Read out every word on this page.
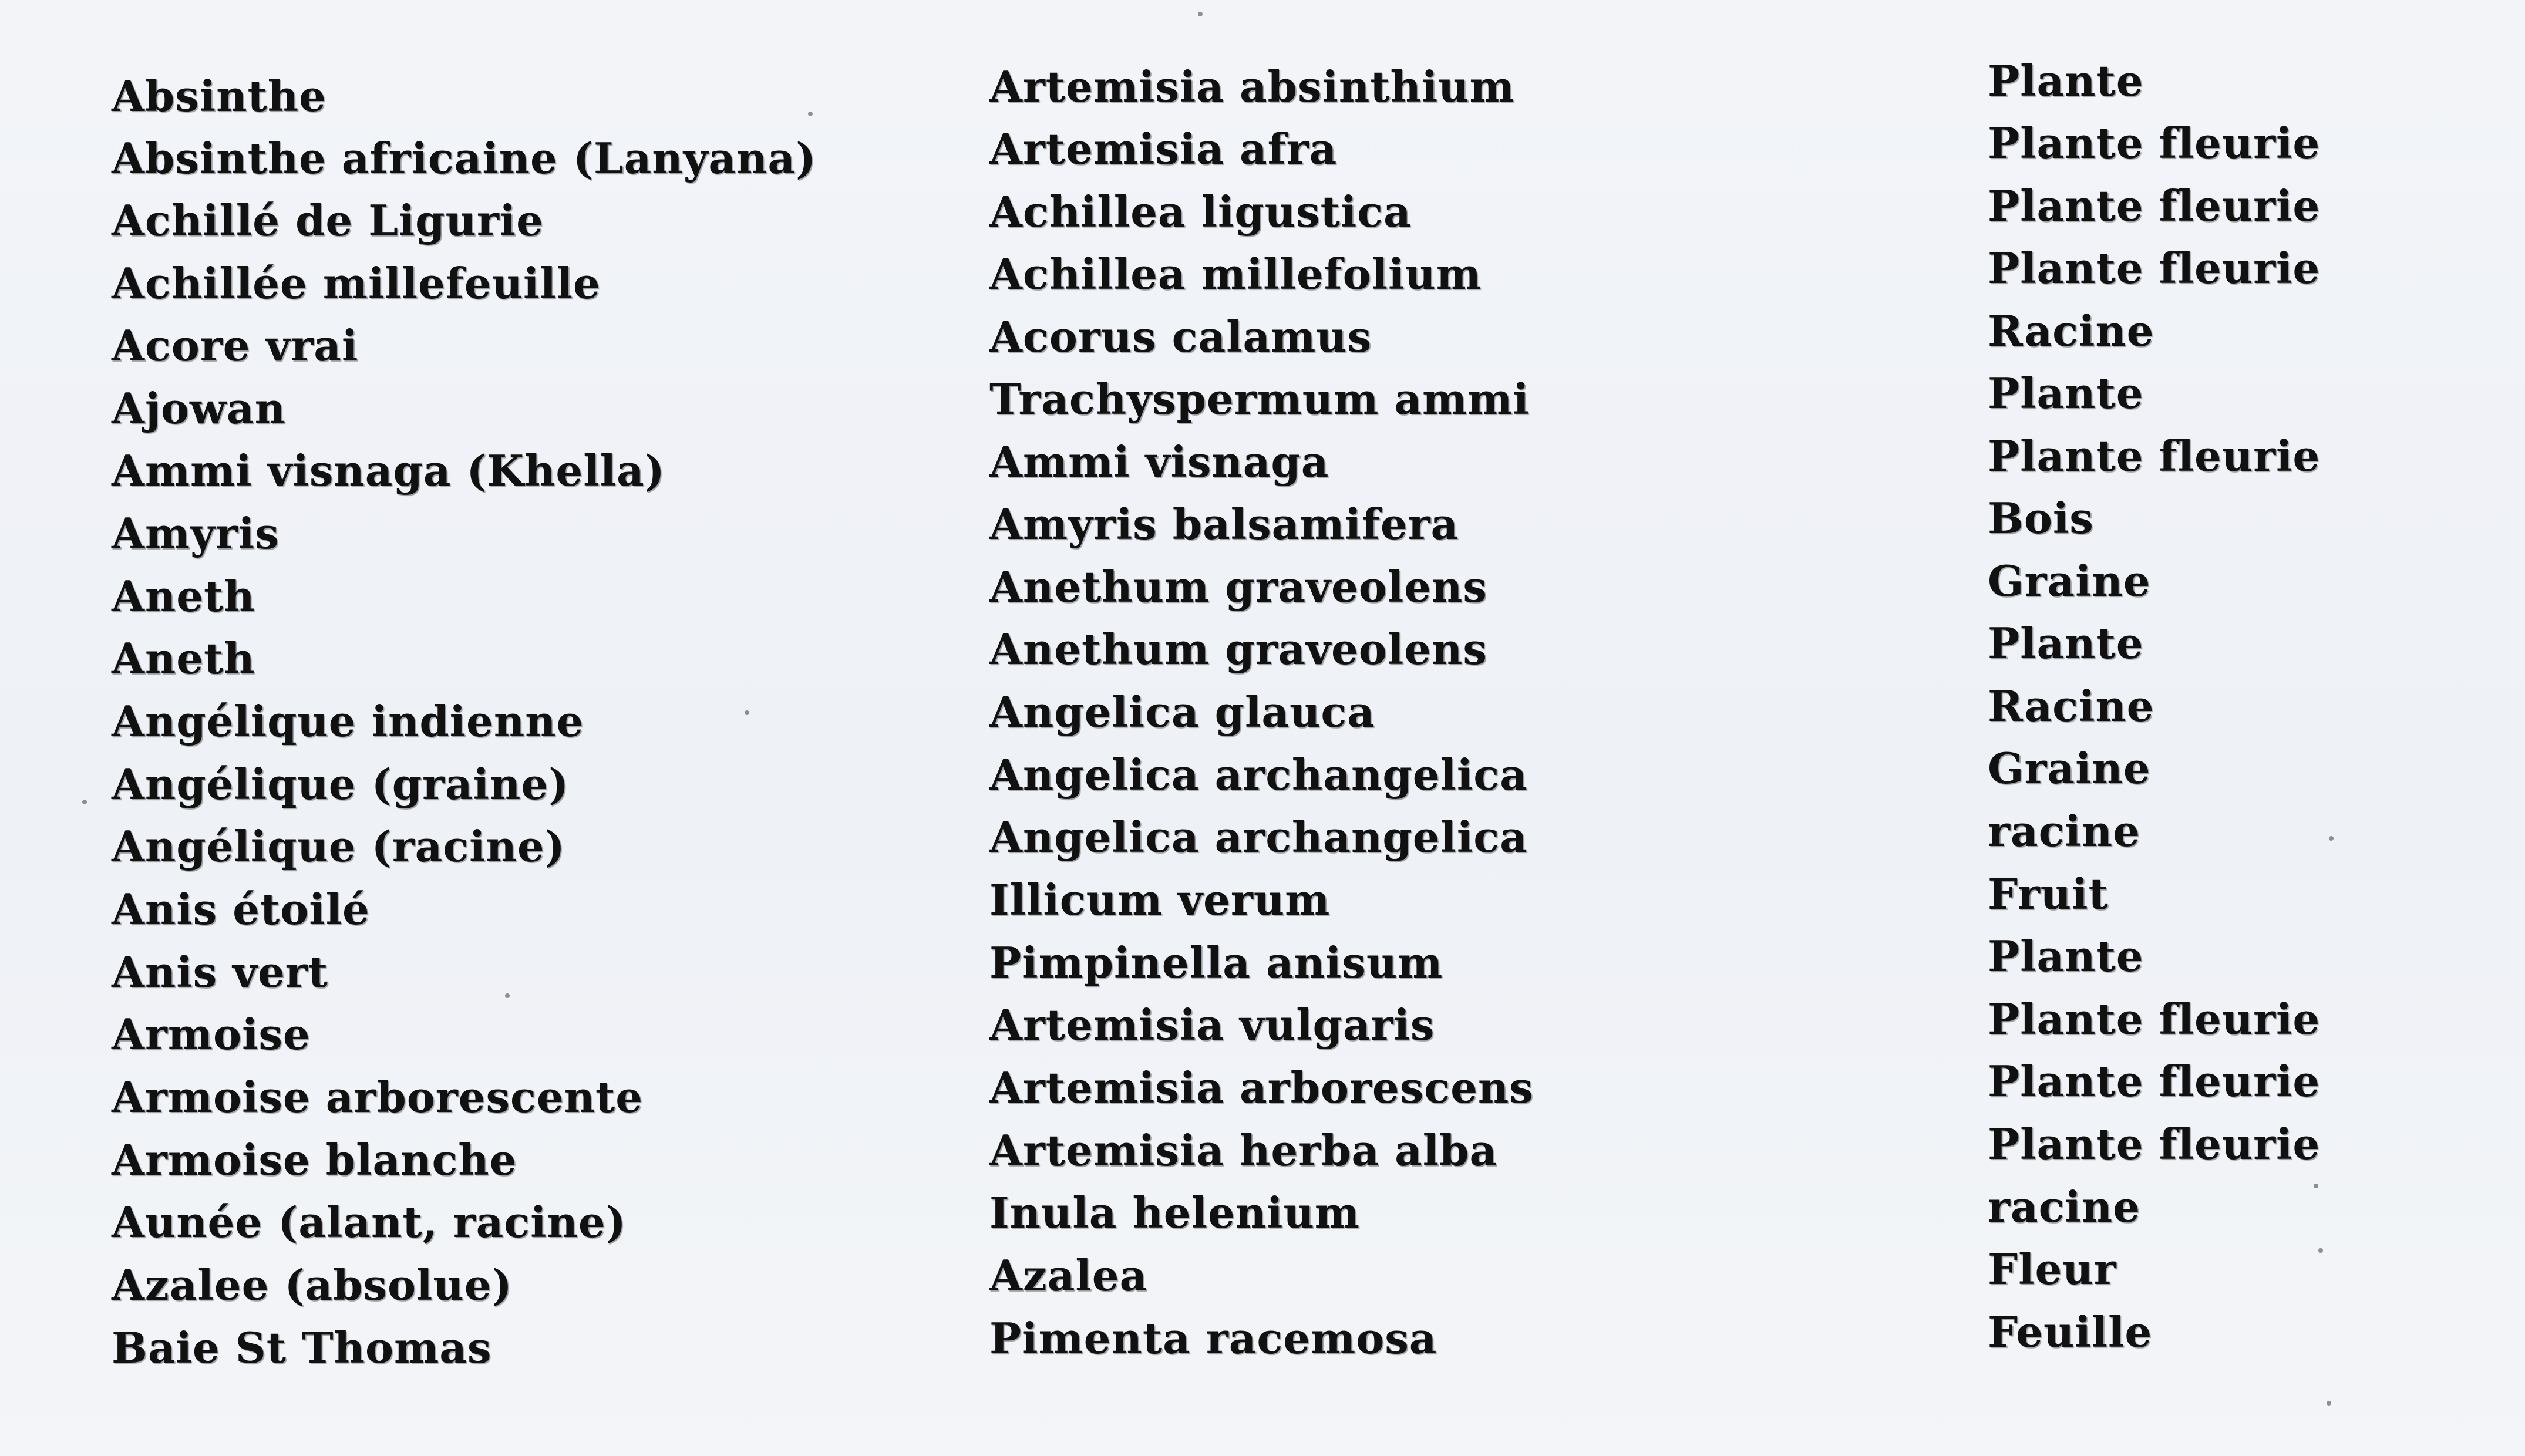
Absinthe
Absinthe africaine (Lanyana)
Achillé de Ligurie
Achillée millefeuille
Acore vrai
Ajowan
Ammi visnaga (Khella)
Amyris
Aneth
Aneth
Angélique indienne
Angélique (graine)
Angélique (racine)
Anis étoilé
Anis vert
Armoise
Armoise arborescente
Armoise blanche
Aunée (alant, racine)
Azalee (absolue)
Baie St Thomas
Artemisia absinthium
Artemisia afra
Achillea ligustica
Achillea millefolium
Acorus calamus
Trachyspermum ammi
Ammi visnaga
Amyris balsamifera
Anethum graveolens
Anethum graveolens
Angelica glauca
Angelica archangelica
Angelica archangelica
Illicum verum
Pimpinella anisum
Artemisia vulgaris
Artemisia arborescens
Artemisia herba alba
Inula helenium
Azalea
Pimenta racemosa
Plante
Plante fleurie
Plante fleurie
Plante fleurie
Racine
Plante
Plante fleurie
Bois
Graine
Plante
Racine
Graine
racine
Fruit
Plante
Plante fleurie
Plante fleurie
Plante fleurie
racine
Fleur
Feuille
